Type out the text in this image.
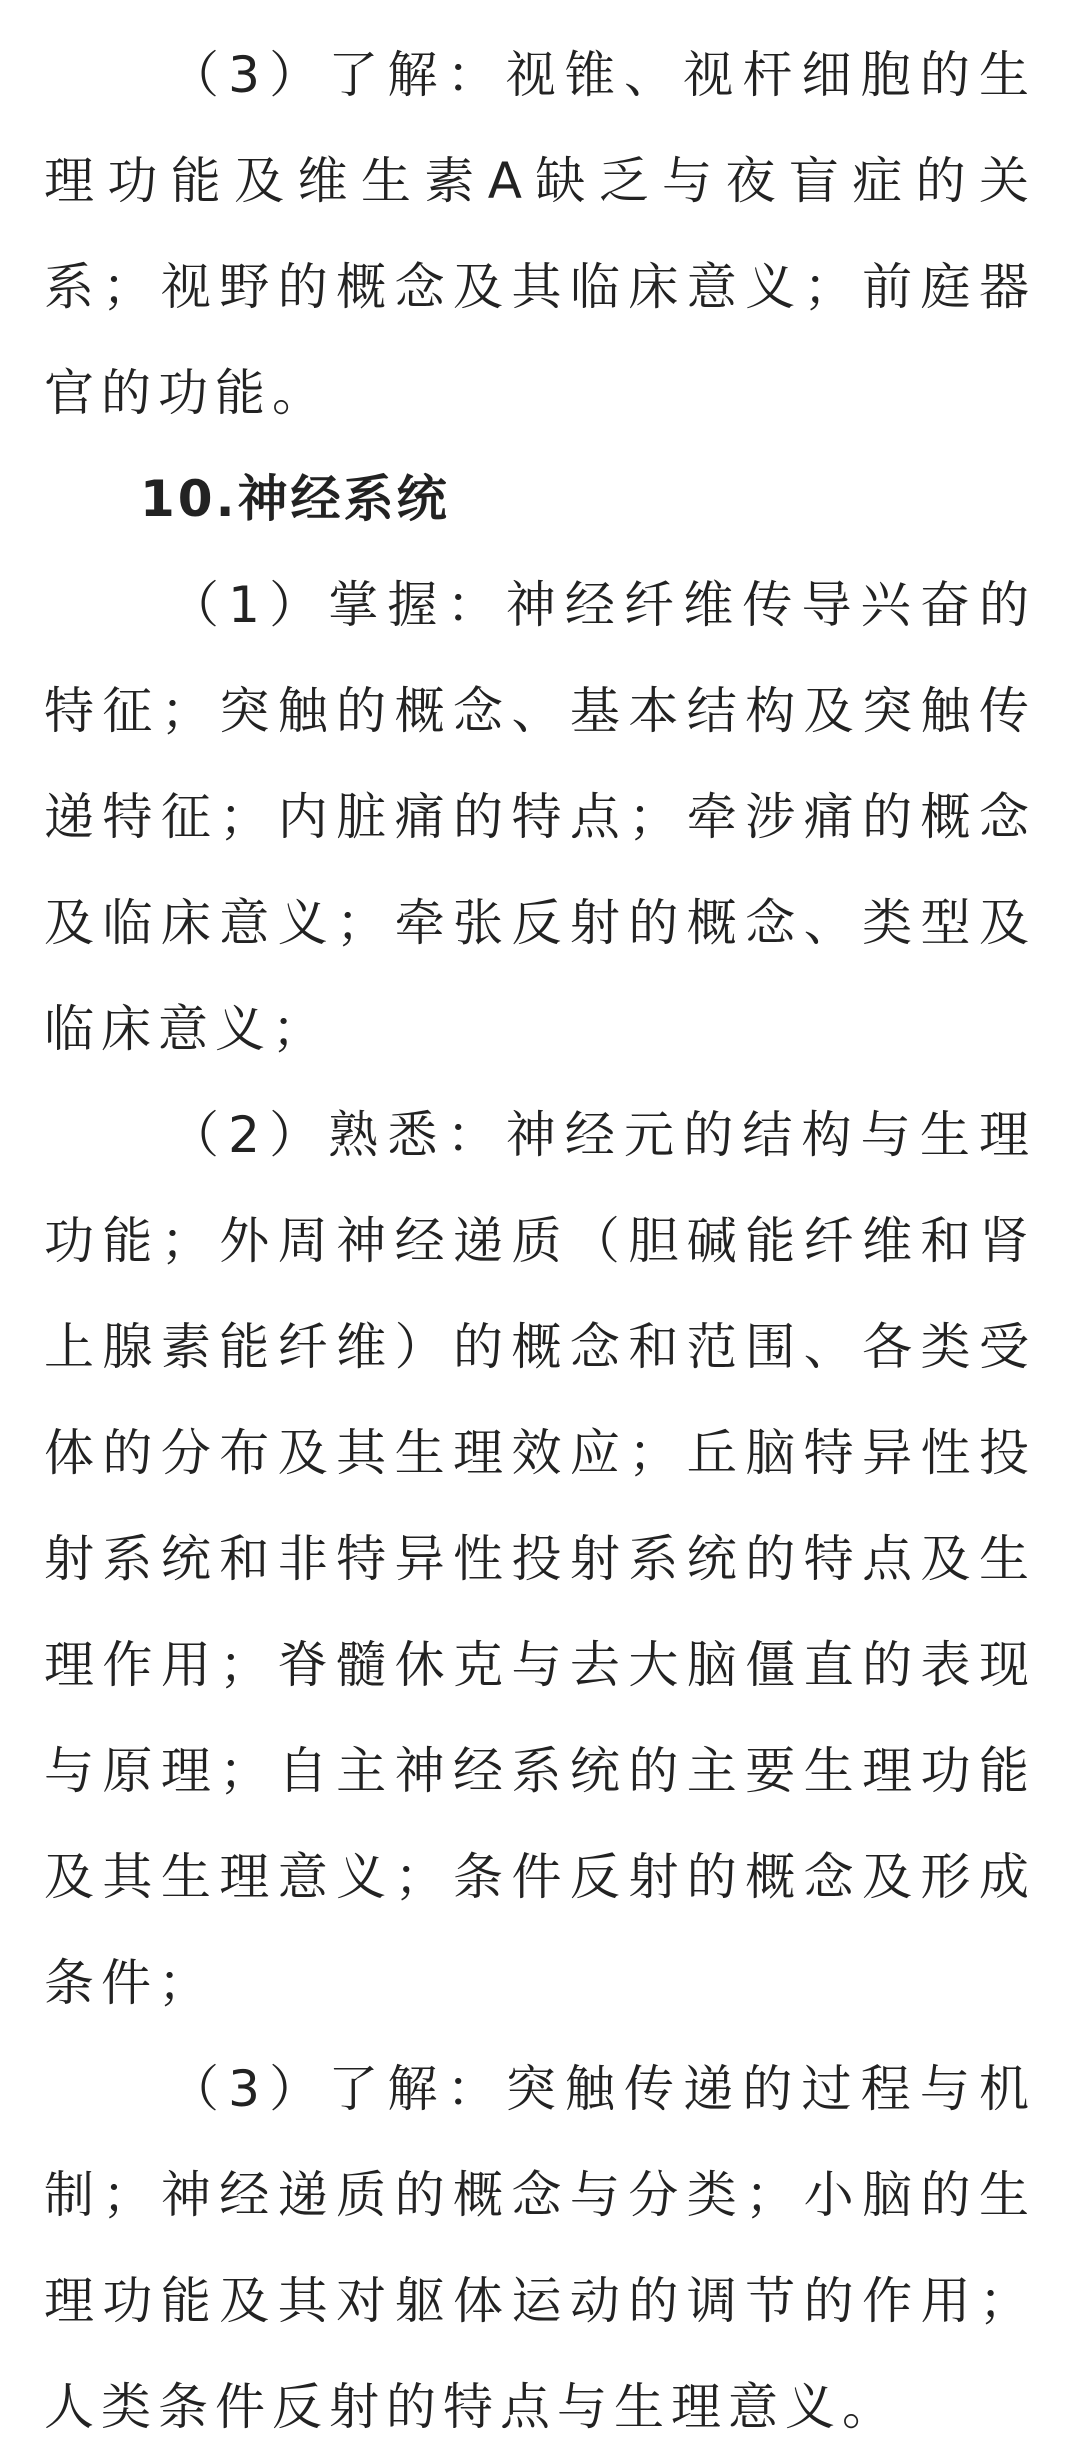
（3）了解：视锥、视杆细胞的生理功能及维生素A缺乏与夜盲症的关系；视野的概念及其临床意义；前庭器官的功能。

10.神经系统

（1）掌握：神经纤维传导兴奋的特征；突触的概念、基本结构及突触传递特征；内脏痛的特点；牵涉痛的概念及临床意义；牵张反射的概念、类型及临床意义；

（2）熟悉：神经元的结构与生理功能；外周神经递质（胆碱能纤维和肾上腺素能纤维）的概念和范围、各类受体的分布及其生理效应；丘脑特异性投射系统和非特异性投射系统的特点及生理作用；脊髓休克与去大脑僵直的表现与原理；自主神经系统的主要生理功能及其生理意义；条件反射的概念及形成条件；

（3）了解：突触传递的过程与机制；神经递质的概念与分类；小脑的生理功能及其对躯体运动的调节的作用；人类条件反射的特点与生理意义。
